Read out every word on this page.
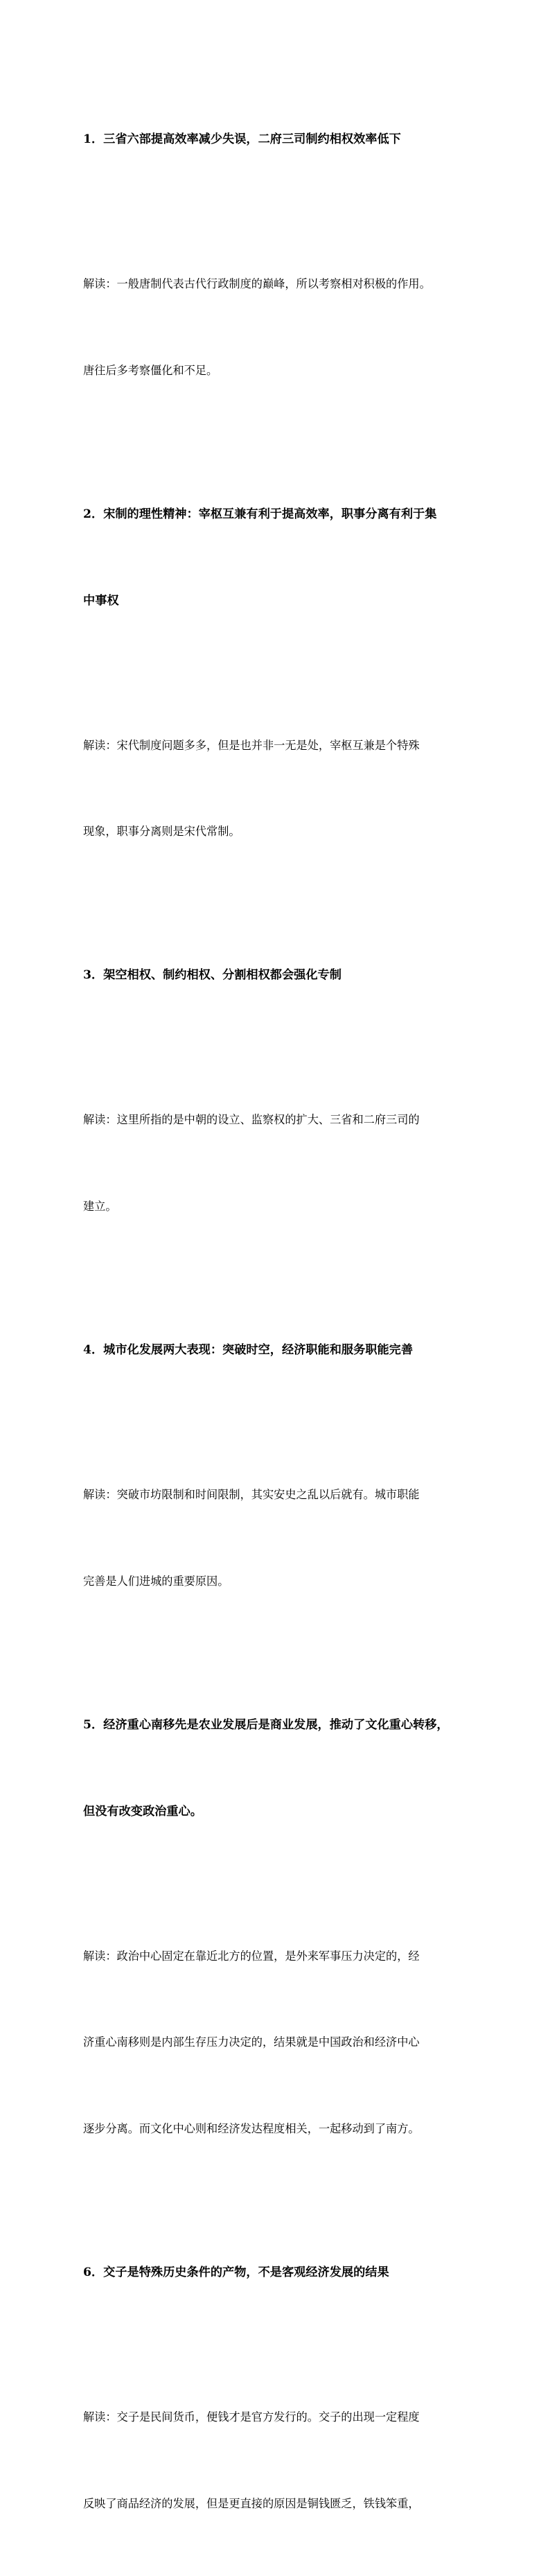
1．三省六部提高效率减少失误，二府三司制约相权效率低下

解读：一般唐制代表古代行政制度的巅峰，所以考察相对积极的作用。

唐往后多考察僵化和不足。

2．宋制的理性精神：宰枢互兼有利于提高效率，职事分离有利于集

中事权

解读：宋代制度问题多多，但是也并非一无是处，宰枢互兼是个特殊

现象，职事分离则是宋代常制。

3．架空相权、制约相权、分割相权都会强化专制

解读：这里所指的是中朝的设立、监察权的扩大、三省和二府三司的

建立。

4．城市化发展两大表现：突破时空，经济职能和服务职能完善

解读：突破市坊限制和时间限制，其实安史之乱以后就有。城市职能

完善是人们进城的重要原因。

5．经济重心南移先是农业发展后是商业发展，推动了文化重心转移，

但没有改变政治重心。

解读：政治中心固定在靠近北方的位置，是外来军事压力决定的，经

济重心南移则是内部生存压力决定的，结果就是中国政治和经济中心

逐步分离。而文化中心则和经济发达程度相关，一起移动到了南方。

6．交子是特殊历史条件的产物，不是客观经济发展的结果

解读：交子是民间货币，便钱才是官方发行的。交子的出现一定程度

反映了商品经济的发展，但是更直接的原因是铜钱匮乏，铁钱笨重，
